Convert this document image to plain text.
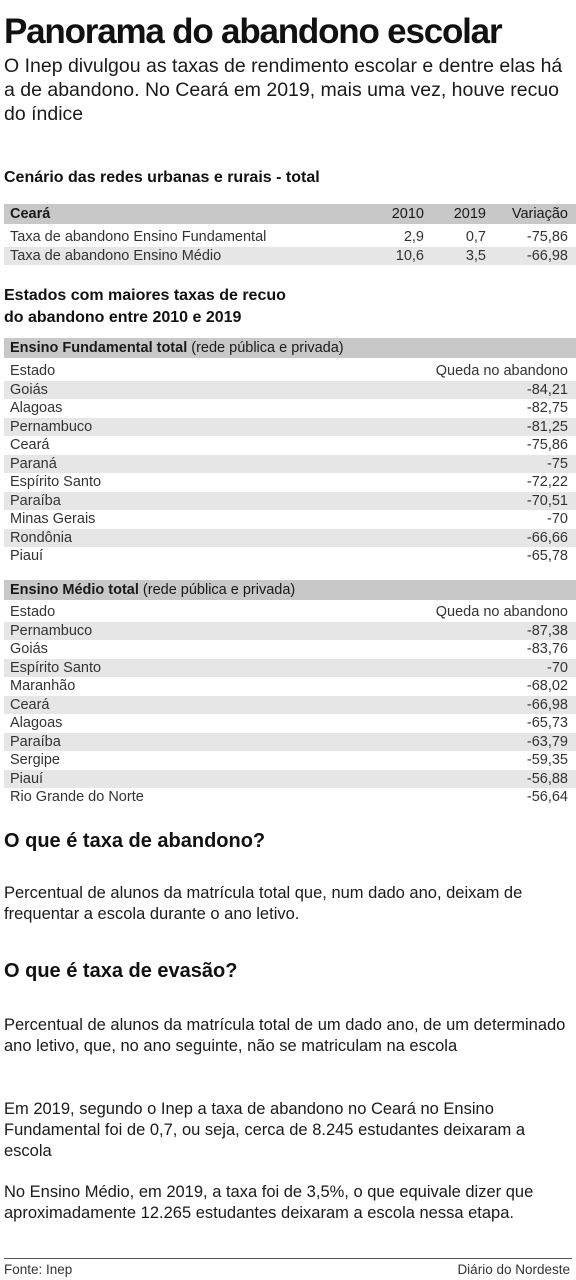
Panorama do abandono escolar
O Inep divulgou as taxas de rendimento escolar e dentre elas há a de abandono. No Ceará em 2019, mais uma vez, houve recuo do índice
Cenário das redes urbanas e rurais - total
Ceará	2010 2019 Variação
Taxa de abandono Ensino Fundamental	2,9	0,7	-75,86
Taxa de abandono Ensino Médio	10,6	3,5	-66,98
Estados com maiores taxas de recuo
do abandono entre 2010 e 2019
Ensino Fundamental total (rede pública e privada)
Estado	Queda no abandono
Goiás	-84,21
Alagoas	-82,75
Pernambuco	-81,25
Ceará	-75,86
Paraná	-75
Espírito Santo	-72,22
Paraíba	-70,51
Minas Gerais	-70
Rondônia	-66,66
Piauí	-65,78
Ensino Médio total (rede pública e privada)
Estado	Queda no abandono
Pernambuco	-87,38
Goiás	-83,76
Espírito Santo	-70
Maranhão	-68,02
Ceará	-66,98
Alagoas	-65,73
Paraíba	-63,79
Sergipe	-59,35
Piauí	-56,88
Rio Grande do Norte	-56,64
O que é taxa de abandono?
Percentual de alunos da matrícula total que, num dado ano, deixam de frequentar a escola durante o ano letivo.
O que é taxa de evasão?
Percentual de alunos da matrícula total de um dado ano, de um determinado ano letivo, que, no ano seguinte, não se matriculam na escola
Em 2019, segundo o Inep a taxa de abandono no Ceará no Ensino Fundamental foi de 0,7, ou seja, cerca de 8.245 estudantes deixaram a escola
No Ensino Médio, em 2019, a taxa foi de 3,5%, o que equivale dizer que aproximadamente 12.265 estudantes deixaram a escola nessa etapa.
Fonte: Inep	Diário do Nordeste
